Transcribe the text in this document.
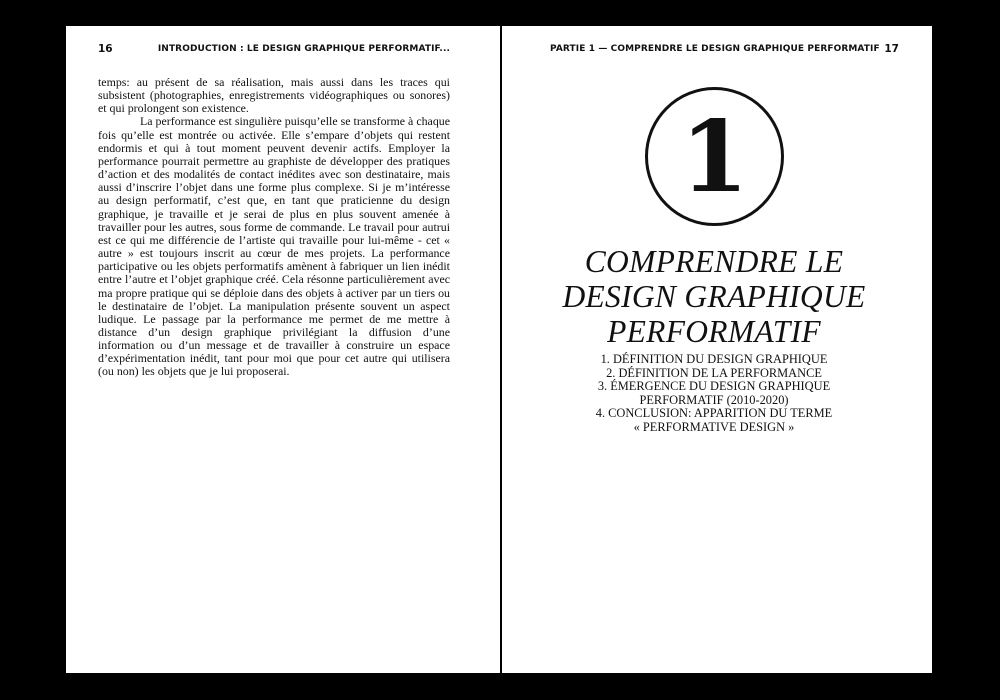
16	INTRODUCTION : LE DESIGN GRAPHIQUE PERFORMATIF...

temps: au présent de sa réalisation, mais aussi dans les traces qui subsistent (photographies, enregistrements vidéographiques ou sonores) et qui prolongent son existence.

La performance est singulière puisqu’elle se transforme à chaque fois qu’elle est montrée ou activée. Elle s’empare d’objets qui restent endormis et qui à tout moment peuvent devenir actifs. Employer la performance pourrait permettre au graphiste de développer des pratiques d’action et des modalités de contact inédites avec son destinataire, mais aussi d’inscrire l’objet dans une forme plus complexe. Si je m’intéresse au design performatif, c’est que, en tant que praticienne du design graphique, je travaille et je serai de plus en plus souvent amenée à travailler pour les autres, sous forme de commande. Le travail pour autrui est ce qui me différencie de l’artiste qui travaille pour lui-même - cet « autre » est toujours inscrit au cœur de mes projets. La performance participative ou les objets performatifs amènent à fabriquer un lien inédit entre l’autre et l’objet graphique créé. Cela résonne particulièrement avec ma propre pratique qui se déploie dans des objets à activer par un tiers ou le destinataire de l’objet. La manipulation présente souvent un aspect ludique. Le passage par la performance me permet de me mettre à distance d’un design graphique privilégiant la diffusion d’une information ou d’un message et de travailler à construire un espace d’expérimentation inédit, tant pour moi que pour cet autre qui utilisera (ou non) les objets que je lui proposerai.

PARTIE 1 — COMPRENDRE LE DESIGN GRAPHIQUE PERFORMATIF 17
1
COMPRENDRE LE
DESIGN GRAPHIQUE
PERFORMATIF
1. DÉFINITION DU DESIGN GRAPHIQUE
2. DÉFINITION DE LA PERFORMANCE
3. ÉMERGENCE DU DESIGN GRAPHIQUE
PERFORMATIF (2010-2020)
4. CONCLUSION: APPARITION DU TERME
« PERFORMATIVE DESIGN »
